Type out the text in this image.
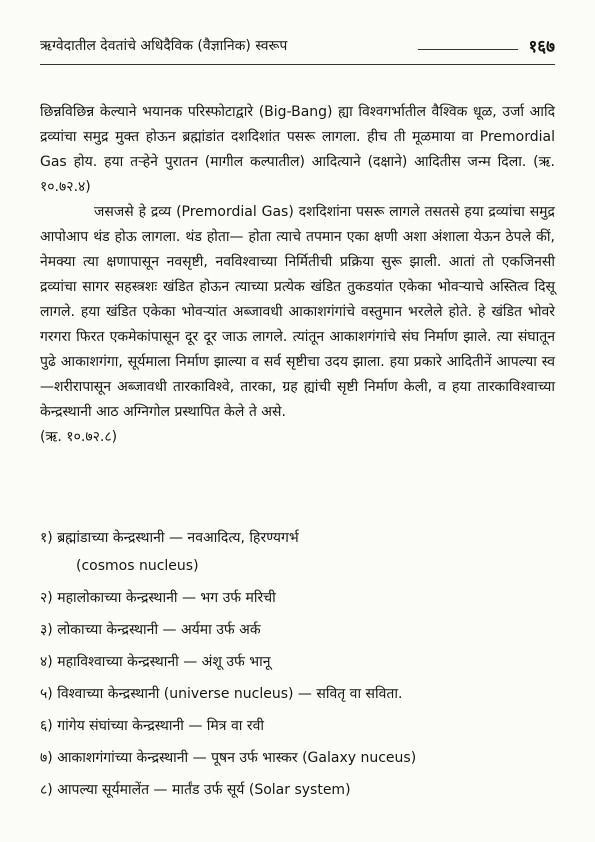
ऋग्वेदातील देवतांचे अधिदैविक (वैज्ञानिक) स्वरूप	१६७

छिन्नविछिन्न केल्याने भयानक परिस्फोटाद्वारे (Big-Bang) ह्या विश्वगर्भातील वैश्विक धूळ, उर्जा आदि द्रव्यांचा समुद्र मुक्त होऊन ब्रह्मांडांत दशदिशांत पसरू लागला. हीच ती मूळमाया वा Premordial Gas होय. हया तऱ्हेने पुरातन (मागील कल्पातील) आदित्याने (दक्षाने) आदितीस जन्म दिला. (ऋ. १०.७२.४)

जसजसे हे द्रव्य (Premordial Gas) दशदिशांना पसरू लागले तसतसे हया द्रव्यांचा समुद्र आपोआप थंड होऊ लागला. थंड होता— होता त्याचे तपमान एका क्षणी अशा अंशाला येऊन ठेपले कीं, नेमक्या त्या क्षणापासून नवसृष्टी, नवविश्वाच्या निर्मितीची प्रक्रिया सुरू झाली. आतां तो एकजिनसी द्रव्यांचा सागर सहस्त्रशः खंडित होऊन त्याच्या प्रत्येक खंडित तुकडयांत एकेका भोवऱ्याचे अस्तित्व दिसू लागले. हया खंडित एकेका भोवऱ्यांत अब्जावधी आकाशगंगांचे वस्तुमान भरलेले होते. हे खंडित भोवरे गरगरा फिरत एकमेकांपासून दूर दूर जाऊ लागले. त्यांतून आकाशगंगांचे संघ निर्माण झाले. त्या संघातून पुढे आकाशगंगा, सूर्यमाला निर्माण झाल्या व सर्व सृष्टीचा उदय झाला. हया प्रकारे आदितीनें आपल्या स्व—शरीरापासून अब्जावधी तारकाविश्वे, तारका, ग्रह ह्यांची सृष्टी निर्माण केली, व हया तारकाविश्वाच्या केन्द्रस्थानी आठ अग्निगोल प्रस्थापित केले ते असे.

(ऋ. १०.७२.८)

१) ब्रह्मांडाच्या केन्द्रस्थानी — नवआदित्य, हिरण्यगर्भ
(cosmos nucleus)
२) महालोकाच्या केन्द्रस्थानी — भग उर्फ मरिची
३) लोकाच्या केन्द्रस्थानी — अर्यमा उर्फ अर्क
४) महाविश्वाच्या केन्द्रस्थानी — अंशू उर्फ भानू
५) विश्वाच्या केन्द्रस्थानी (universe nucleus) — सवितृ वा सविता.
६) गांगेय संघांच्या केन्द्रस्थानी — मित्र वा रवी
७) आकाशगंगांच्या केन्द्रस्थानी — पूषन उर्फ भास्कर (Galaxy nuceus)
८) आपल्या सूर्यमालेंत — मार्तंड उर्फ सूर्य (Solar system)
